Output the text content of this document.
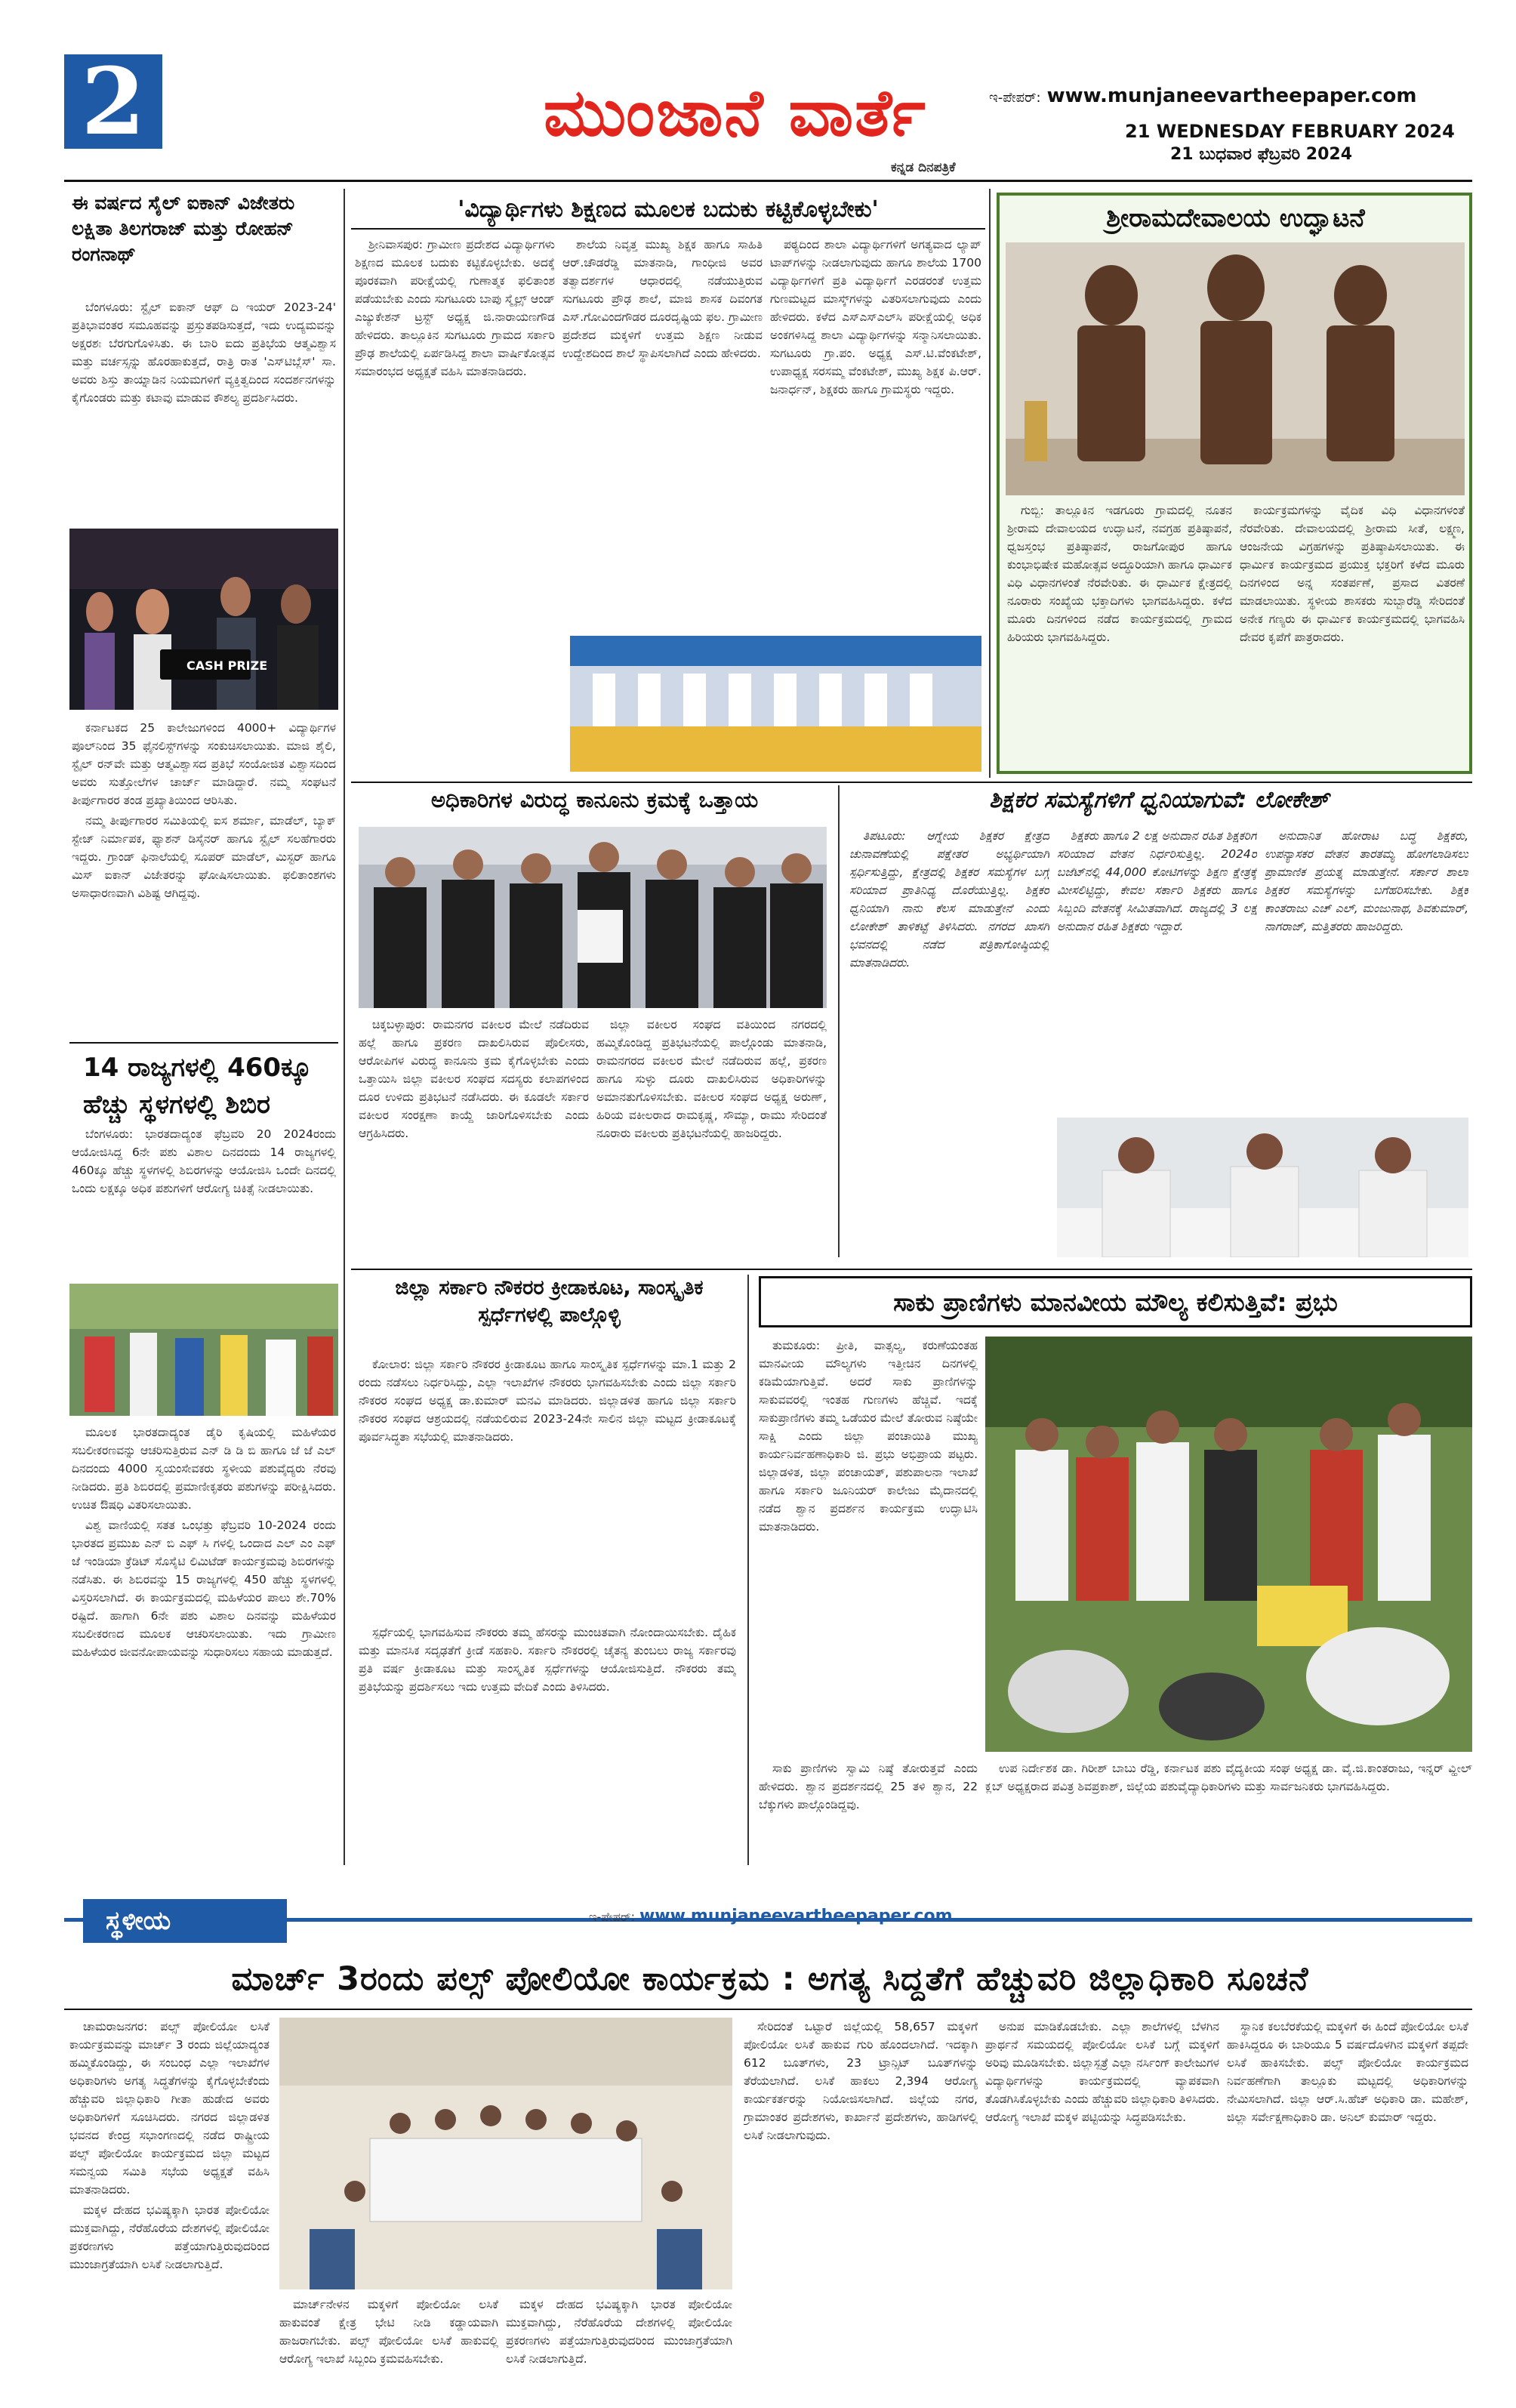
2	ಮುಂಜಾನೆ ವಾರ್ತೆ
ಕನ್ನಡ ದಿನಪತ್ರಿಕೆ
ಇ-ಪೇಪರ್: www.munjaneevartheepaper.com
21 WEDNESDAY FEBRUARY 2024
21 ಬುಧವಾರ ಫೆಬ್ರವರಿ 2024
ಈ ವರ್ಷದ ಸೈಲ್ ಐಕಾನ್ ವಿಜೇತರು ಲಕ್ಷಿತಾ ತಿಲಗರಾಜ್ ಮತ್ತು ರೋಹನ್ ರಂಗನಾಥ್

ಬೆಂಗಳೂರು: ಸ್ಟೈಲ್ ಐಕಾನ್ ಆಫ್ ದಿ ಇಯರ್ 2023-24' ಪ್ರತಿಭಾವಂತರ ಸಮೂಹವನ್ನು ಪ್ರಸ್ತುತಪಡಿಸುತ್ತದೆ, ಇದು ಉದ್ಯಮವನ್ನು ಅಕ್ಷರಶಃ ಬೆರಗುಗೊಳಿಸಿತು. ಈ ಬಾರಿ ಐದು ಪ್ರತಿಭೆಯ ಆತ್ಮವಿಶ್ವಾಸ ಮತ್ತು ವರ್ಚಸ್ಸನ್ನು ಹೊರಹಾಕುತ್ತದೆ, ರಾತ್ರಿ ರಾತ 'ಎಸ್‌ಟಿಬ್ಲೆಸ್' ಸಾ. ಅವರು ಶಿಸ್ತು ತಾಯ್ನಾಡಿನ ನಿಯಮಗಳಿಗೆ ವ್ಯಕ್ತಿತ್ವದಿಂದ ಸಂದರ್ಶನಗಳನ್ನು ಕೈಗೊಂಡರು ಮತ್ತು ಕಟಾವು ಮಾಡುವ ಕೌಶಲ್ಯ ಪ್ರದರ್ಶಿಸಿದರು.

CASH PRIZE

ಕರ್ನಾಟಕದ 25 ಕಾಲೇಜುಗಳಿಂದ 4000+ ವಿದ್ಯಾರ್ಥಿಗಳ ಪೂಲ್‌ನಿಂದ 35 ಫೈನಲಿಸ್ಟ್‌ಗಳನ್ನು ಸಂಕುಚಿಸಲಾಯಿತು. ಮಾಜಿ ಶೈಲಿ, ಸ್ಟೈಲ್ ರನ್‌ವೇ ಮತ್ತು ಆತ್ಮವಿಶ್ವಾಸದ ಪ್ರತಿಭೆ ಸಂಯೋಜಿತ ವಿಶ್ವಾಸದಿಂದ ಅವರು ಸುತ್ತೋಲೆಗಳ ಚಾರ್ಜ್ ಮಾಡಿದ್ದಾರೆ. ನಮ್ಮ ಸಂಘಟನೆ ತೀರ್ಪುಗಾರರ ತಂಡ ಪ್ರಖ್ಯಾತಿಯಿಂದ ಆರಿಸಿತು.

ನಮ್ಮ ತೀರ್ಪುಗಾರರ ಸಮಿತಿಯಲ್ಲಿ ಐಸ ಶರ್ಮಾ, ಮಾಡೆಲ್, ಬ್ಯಾಕ್ ಸ್ಟೇಜ್ ನಿರ್ಮಾಪಕ, ಫ್ಯಾಶನ್ ಡಿಸೈನರ್ ಹಾಗೂ ಸ್ಟೈಲ್ ಸಲಹೆಗಾರರು ಇದ್ದರು. ಗ್ರಾಂಡ್ ಫಿನಾಲೆಯಲ್ಲಿ ಸೂಪರ್ ಮಾಡೆಲ್, ಮಿಸ್ಟರ್ ಹಾಗೂ ಮಿಸ್ ಐಕಾನ್ ವಿಜೇತರನ್ನು ಘೋಷಿಸಲಾಯಿತು. ಫಲಿತಾಂಶಗಳು ಅಸಾಧಾರಣವಾಗಿ ವಿಶಿಷ್ಟ ಆಗಿದ್ದವು.

14 ರಾಜ್ಯಗಳಲ್ಲಿ 460ಕ್ಕೂ ಹೆಚ್ಚು ಸ್ಥಳಗಳಲ್ಲಿ ಶಿಬಿರ

ಬೆಂಗಳೂರು: ಭಾರತದಾದ್ಯಂತ ಫೆಬ್ರವರಿ 20 2024ರಂದು ಆಯೋಜಿಸಿದ್ದ 6ನೇ ಪಶು ವಿಶಾಲ ದಿನದಂದು 14 ರಾಜ್ಯಗಳಲ್ಲಿ 460ಕ್ಕೂ ಹೆಚ್ಚು ಸ್ಥಳಗಳಲ್ಲಿ ಶಿಬಿರಗಳನ್ನು ಆಯೋಜಿಸಿ ಒಂದೇ ದಿನದಲ್ಲಿ ಒಂದು ಲಕ್ಷಕ್ಕೂ ಅಧಿಕ ಪಶುಗಳಿಗೆ ಆರೋಗ್ಯ ಚಿಕಿತ್ಸೆ ನೀಡಲಾಯಿತು.

ಮೂಲಕ ಭಾರತದಾದ್ಯಂತ ಡೈರಿ ಕೃಷಿಯಲ್ಲಿ ಮಹಿಳೆಯರ ಸಬಲೀಕರಣವನ್ನು ಆಚರಿಸುತ್ತಿರುವ ಎನ್ ಡಿ ಡಿ ಬಿ ಹಾಗೂ ಜೆ ಜೆ ಎಲ್ ದಿನದಂದು 4000 ಸ್ವಯಂಸೇವಕರು ಸ್ಥಳೀಯ ಪಶುವೈದ್ಯರು ನೆರವು ನೀಡಿದರು. ಪ್ರತಿ ಶಿಬಿರದಲ್ಲಿ ಪ್ರಮಾಣೀಕೃತರು ಪಶುಗಳನ್ನು ಪರೀಕ್ಷಿಸಿದರು. ಉಚಿತ ಔಷಧಿ ವಿತರಿಸಲಾಯಿತು.

ವಿಶ್ವ ವಾಣಿಯಲ್ಲಿ ಸತತ ಒಂಭತ್ತು ಫೆಬ್ರವರಿ 10-2024 ರಂದು ಭಾರತದ ಪ್ರಮುಖ ಎನ್ ಬಿ ಎಫ್ ಸಿ ಗಳಲ್ಲಿ ಒಂದಾದ ಎಲ್ ಎಂ ಎಫ್ ಜೆ ಇಂಡಿಯಾ ಕ್ರೆಡಿಟ್ ಸೊಸೈಟಿ ಲಿಮಿಟೆಡ್ ಕಾರ್ಯಕ್ರಮವು ಶಿಬಿರಗಳನ್ನು ನಡೆಸಿತು. ಈ ಶಿಬಿರವನ್ನು 15 ರಾಜ್ಯಗಳಲ್ಲಿ 450 ಹೆಚ್ಚು ಸ್ಥಳಗಳಲ್ಲಿ ವಿಸ್ತರಿಸಲಾಗಿದೆ. ಈ ಕಾರ್ಯಕ್ರಮದಲ್ಲಿ ಮಹಿಳೆಯರ ಪಾಲು ಶೇ.70% ರಷ್ಟಿದೆ. ಹಾಗಾಗಿ 6ನೇ ಪಶು ವಿಶಾಲ ದಿನವನ್ನು ಮಹಿಳೆಯರ ಸಬಲೀಕರಣದ ಮೂಲಕ ಆಚರಿಸಲಾಯಿತು. ಇದು ಗ್ರಾಮೀಣ ಮಹಿಳೆಯರ ಜೀವನೋಪಾಯವನ್ನು ಸುಧಾರಿಸಲು ಸಹಾಯ ಮಾಡುತ್ತದೆ.

'ವಿದ್ಯಾರ್ಥಿಗಳು ಶಿಕ್ಷಣದ ಮೂಲಕ ಬದುಕು ಕಟ್ಟಿಕೊಳ್ಳಬೇಕು'

ಶ್ರೀನಿವಾಸಪುರ: ಗ್ರಾಮೀಣ ಪ್ರದೇಶದ ವಿದ್ಯಾರ್ಥಿಗಳು ಶಿಕ್ಷಣದ ಮೂಲಕ ಬದುಕು ಕಟ್ಟಿಕೊಳ್ಳಬೇಕು. ಅದಕ್ಕೆ ಪೂರಕವಾಗಿ ಪರೀಕ್ಷೆಯಲ್ಲಿ ಗುಣಾತ್ಮಕ ಫಲಿತಾಂಶ ಪಡೆಯಬೇಕು ಎಂದು ಸುಗಟೂರು ಬಾಪು ಸ್ಮೈಲ್ಸ್ ಆಂಡ್ ಎಜ್ಯುಕೇಶನ್ ಟ್ರಸ್ಟ್ ಅಧ್ಯಕ್ಷ ಜಿ.ನಾರಾಯಣಗೌಡ ಹೇಳಿದರು. ತಾಲ್ಲೂಕಿನ ಸುಗಟೂರು ಗ್ರಾಮದ ಸರ್ಕಾರಿ ಪ್ರೌಢ ಶಾಲೆಯಲ್ಲಿ ಏರ್ಪಡಿಸಿದ್ದ ಶಾಲಾ ವಾರ್ಷಿಕೋತ್ಸವ ಸಮಾರಂಭದ ಅಧ್ಯಕ್ಷತೆ ವಹಿಸಿ ಮಾತನಾಡಿದರು.

ಶಾಲೆಯ ನಿವೃತ್ತ ಮುಖ್ಯ ಶಿಕ್ಷಕ ಹಾಗೂ ಸಾಹಿತಿ ಆರ್.ಚೌಡರೆಡ್ಡಿ ಮಾತನಾಡಿ, ಗಾಂಧೀಜಿ ಅವರ ತತ್ವಾದರ್ಶಗಳ ಆಧಾರದಲ್ಲಿ ನಡೆಯುತ್ತಿರುವ ಸುಗಟೂರು ಪ್ರೌಢ ಶಾಲೆ, ಮಾಜಿ ಶಾಸಕ ದಿವಂಗತ ಎಸ್.ಗೋವಿಂದಗೌಡರ ದೂರದೃಷ್ಟಿಯ ಫಲ. ಗ್ರಾಮೀಣ ಪ್ರದೇಶದ ಮಕ್ಕಳಿಗೆ ಉತ್ತಮ ಶಿಕ್ಷಣ ನೀಡುವ ಉದ್ದೇಶದಿಂದ ಶಾಲೆ ಸ್ಥಾಪಿಸಲಾಗಿದೆ ಎಂದು ಹೇಳಿದರು.

ಪಠ್ಯದಿಂದ ಶಾಲಾ ವಿದ್ಯಾರ್ಥಿಗಳಿಗೆ ಅಗತ್ಯವಾದ ಲ್ಯಾಪ್ ಟಾಪ್‌ಗಳನ್ನು ನೀಡಲಾಗುವುದು ಹಾಗೂ ಶಾಲೆಯ 1700 ವಿದ್ಯಾರ್ಥಿಗಳಿಗೆ ಪ್ರತಿ ವಿದ್ಯಾರ್ಥಿಗೆ ಎರಡರಂತೆ ಉತ್ತಮ ಗುಣಮಟ್ಟದ ಮಾಸ್ಕ್‌ಗಳನ್ನು ವಿತರಿಸಲಾಗುವುದು ಎಂದು ಹೇಳಿದರು. ಕಳೆದ ಎಸ್ಎಸ್ಎಲ್‌ಸಿ ಪರೀಕ್ಷೆಯಲ್ಲಿ ಅಧಿಕ ಅಂಕಗಳಿಸಿದ್ದ ಶಾಲಾ ವಿದ್ಯಾರ್ಥಿಗಳನ್ನು ಸನ್ಮಾನಿಸಲಾಯಿತು. ಸುಗಟೂರು ಗ್ರಾ.ಪಂ. ಅಧ್ಯಕ್ಷ ಎಸ್.ಟಿ.ವೆಂಕಟೇಶ್, ಉಪಾಧ್ಯಕ್ಷ ಸರಸಮ್ಮ ವೆಂಕಟೇಶ್, ಮುಖ್ಯ ಶಿಕ್ಷಕ ಪಿ.ಆರ್. ಜನಾರ್ಧನ್, ಶಿಕ್ಷಕರು ಹಾಗೂ ಗ್ರಾಮಸ್ಥರು ಇದ್ದರು.

ಶ್ರೀರಾಮದೇವಾಲಯ ಉದ್ಘಾಟನೆ

ಗುಬ್ಬಿ: ತಾಲ್ಲೂಕಿನ ಇಡಗೂರು ಗ್ರಾಮದಲ್ಲಿ ನೂತನ ಶ್ರೀರಾಮ ದೇವಾಲಯದ ಉದ್ಘಾಟನೆ, ನವಗ್ರಹ ಪ್ರತಿಷ್ಠಾಪನೆ, ಧ್ವಜಸ್ತಂಭ ಪ್ರತಿಷ್ಠಾಪನೆ, ರಾಜಗೋಪುರ ಹಾಗೂ ಕುಂಭಾಭಿಷೇಕ ಮಹೋತ್ಸವ ಅದ್ಧೂರಿಯಾಗಿ ಹಾಗೂ ಧಾರ್ಮಿಕ ವಿಧಿ ವಿಧಾನಗಳಂತೆ ನೆರವೇರಿತು. ಈ ಧಾರ್ಮಿಕ ಕ್ಷೇತ್ರದಲ್ಲಿ ನೂರಾರು ಸಂಖ್ಯೆಯ ಭಕ್ತಾದಿಗಳು ಭಾಗವಹಿಸಿದ್ದರು. ಕಳೆದ ಮೂರು ದಿನಗಳಿಂದ ನಡೆದ ಕಾರ್ಯಕ್ರಮದಲ್ಲಿ ಗ್ರಾಮದ ಹಿರಿಯರು ಭಾಗವಹಿಸಿದ್ದರು.

ಕಾರ್ಯಕ್ರಮಗಳನ್ನು ವೈದಿಕ ವಿಧಿ ವಿಧಾನಗಳಂತೆ ನೆರವೇರಿತು. ದೇವಾಲಯದಲ್ಲಿ ಶ್ರೀರಾಮ ಸೀತೆ, ಲಕ್ಷ್ಮಣ, ಆಂಜನೇಯ ವಿಗ್ರಹಗಳನ್ನು ಪ್ರತಿಷ್ಠಾಪಿಸಲಾಯಿತು. ಈ ಧಾರ್ಮಿಕ ಕಾರ್ಯಕ್ರಮದ ಪ್ರಯುಕ್ತ ಭಕ್ತರಿಗೆ ಕಳೆದ ಮೂರು ದಿನಗಳಿಂದ ಅನ್ನ ಸಂತರ್ಪಣೆ, ಪ್ರಸಾದ ವಿತರಣೆ ಮಾಡಲಾಯಿತು. ಸ್ಥಳೀಯ ಶಾಸಕರು ಸುಬ್ಬಾರೆಡ್ಡಿ ಸೇರಿದಂತೆ ಅನೇಕ ಗಣ್ಯರು ಈ ಧಾರ್ಮಿಕ ಕಾರ್ಯಕ್ರಮದಲ್ಲಿ ಭಾಗವಹಿಸಿ ದೇವರ ಕೃಪೆಗೆ ಪಾತ್ರರಾದರು.

ಅಧಿಕಾರಿಗಳ ವಿರುದ್ಧ ಕಾನೂನು ಕ್ರಮಕ್ಕೆ ಒತ್ತಾಯ

ಚಿಕ್ಕಬಳ್ಳಾಪುರ: ರಾಮನಗರ ವಕೀಲರ ಮೇಲೆ ನಡೆದಿರುವ ಹಲ್ಲೆ ಹಾಗೂ ಪ್ರಕರಣ ದಾಖಲಿಸಿರುವ ಪೊಲೀಸರು, ಆರೋಪಿಗಳ ವಿರುದ್ಧ ಕಾನೂನು ಕ್ರಮ ಕೈಗೊಳ್ಳಬೇಕು ಎಂದು ಒತ್ತಾಯಿಸಿ ಜಿಲ್ಲಾ ವಕೀಲರ ಸಂಘದ ಸದಸ್ಯರು ಕಲಾಪಗಳಿಂದ ದೂರ ಉಳಿದು ಪ್ರತಿಭಟನೆ ನಡೆಸಿದರು. ಈ ಕೂಡಲೇ ಸರ್ಕಾರ ವಕೀಲರ ಸಂರಕ್ಷಣಾ ಕಾಯ್ದೆ ಜಾರಿಗೊಳಿಸಬೇಕು ಎಂದು ಆಗ್ರಹಿಸಿದರು.

ಜಿಲ್ಲಾ ವಕೀಲರ ಸಂಘದ ವತಿಯಿಂದ ನಗರದಲ್ಲಿ ಹಮ್ಮಿಕೊಂಡಿದ್ದ ಪ್ರತಿಭಟನೆಯಲ್ಲಿ ಪಾಲ್ಗೊಂಡು ಮಾತನಾಡಿ, ರಾಮನಗರದ ವಕೀಲರ ಮೇಲೆ ನಡೆದಿರುವ ಹಲ್ಲೆ, ಪ್ರಕರಣ ಹಾಗೂ ಸುಳ್ಳು ದೂರು ದಾಖಲಿಸಿರುವ ಅಧಿಕಾರಿಗಳನ್ನು ಅಮಾನತುಗೊಳಿಸಬೇಕು. ವಕೀಲರ ಸಂಘದ ಅಧ್ಯಕ್ಷ ಅರುಣ್, ಹಿರಿಯ ವಕೀಲರಾದ ರಾಮಕೃಷ್ಣ, ಸೌಮ್ಯಾ, ರಾಮು ಸೇರಿದಂತೆ ನೂರಾರು ವಕೀಲರು ಪ್ರತಿಭಟನೆಯಲ್ಲಿ ಹಾಜರಿದ್ದರು.

ಶಿಕ್ಷಕರ ಸಮಸ್ಯೆಗಳಿಗೆ ಧ್ವನಿಯಾಗುವೆ: ಲೋಕೇಶ್

ತಿಪಟೂರು: ಆಗ್ನೇಯ ಶಿಕ್ಷಕರ ಕ್ಷೇತ್ರದ ಚುನಾವಣೆಯಲ್ಲಿ ಪಕ್ಷೇತರ ಅಭ್ಯರ್ಥಿಯಾಗಿ ಸ್ಪರ್ಧಿಸುತ್ತಿದ್ದು, ಕ್ಷೇತ್ರದಲ್ಲಿ ಶಿಕ್ಷಕರ ಸಮಸ್ಯೆಗಳ ಬಗ್ಗೆ ಸರಿಯಾದ ಪ್ರಾತಿನಿಧ್ಯ ದೊರೆಯುತ್ತಿಲ್ಲ. ಶಿಕ್ಷಕರ ಧ್ವನಿಯಾಗಿ ನಾನು ಕೆಲಸ ಮಾಡುತ್ತೇನೆ ಎಂದು ಲೋಕೇಶ್ ತಾಳಿಕಟ್ಟೆ ತಿಳಿಸಿದರು. ನಗರದ ಖಾಸಗಿ ಭವನದಲ್ಲಿ ನಡೆದ ಪತ್ರಿಕಾಗೋಷ್ಠಿಯಲ್ಲಿ ಮಾತನಾಡಿದರು.

ಶಿಕ್ಷಕರು ಹಾಗೂ 2 ಲಕ್ಷ ಅನುದಾನ ರಹಿತ ಶಿಕ್ಷಕರಿಗೆ ಸರಿಯಾದ ವೇತನ ನಿರ್ಧರಿಸುತ್ತಿಲ್ಲ. 2024ರ ಬಜೆಟ್‌ನಲ್ಲಿ 44,000 ಕೋಟಿಗಳನ್ನು ಶಿಕ್ಷಣ ಕ್ಷೇತ್ರಕ್ಕೆ ಮೀಸಲಿಟ್ಟಿದ್ದು, ಕೇವಲ ಸರ್ಕಾರಿ ಶಿಕ್ಷಕರು ಹಾಗೂ ಸಿಬ್ಬಂದಿ ವೇತನಕ್ಕೆ ಸೀಮಿತವಾಗಿದೆ. ರಾಜ್ಯದಲ್ಲಿ 3 ಲಕ್ಷ ಅನುದಾನ ರಹಿತ ಶಿಕ್ಷಕರು ಇದ್ದಾರೆ.

ಅನುದಾನಿತ ಹೋರಾಟ ಬದ್ಧ ಶಿಕ್ಷಕರು, ಉಪನ್ಯಾಸಕರ ವೇತನ ತಾರತಮ್ಯ ಹೋಗಲಾಡಿಸಲು ಪ್ರಾಮಾಣಿಕ ಪ್ರಯತ್ನ ಮಾಡುತ್ತೇನೆ. ಸರ್ಕಾರ ಶಾಲಾ ಶಿಕ್ಷಕರ ಸಮಸ್ಯೆಗಳನ್ನು ಬಗೆಹರಿಸಬೇಕು. ಶಿಕ್ಷಕ ಕಾಂತರಾಜು ಎಚ್ ಎಲ್, ಮಂಜುನಾಥ, ಶಿವಕುಮಾರ್, ನಾಗರಾಜ್, ಮತ್ತಿತರರು ಹಾಜರಿದ್ದರು.

ಜಿಲ್ಲಾ ಸರ್ಕಾರಿ ನೌಕರರ ಕ್ರೀಡಾಕೂಟ, ಸಾಂಸ್ಕೃತಿಕ ಸ್ಪರ್ಧೆಗಳಲ್ಲಿ ಪಾಲ್ಗೊಳ್ಳಿ

ಕೋಲಾರ: ಜಿಲ್ಲಾ ಸರ್ಕಾರಿ ನೌಕರರ ಕ್ರೀಡಾಕೂಟ ಹಾಗೂ ಸಾಂಸ್ಕೃತಿಕ ಸ್ಪರ್ಧೆಗಳನ್ನು ಮಾ.1 ಮತ್ತು 2 ರಂದು ನಡೆಸಲು ನಿರ್ಧರಿಸಿದ್ದು, ಎಲ್ಲಾ ಇಲಾಖೆಗಳ ನೌಕರರು ಭಾಗವಹಿಸಬೇಕು ಎಂದು ಜಿಲ್ಲಾ ಸರ್ಕಾರಿ ನೌಕರರ ಸಂಘದ ಅಧ್ಯಕ್ಷ ಡಾ.ಕುಮಾರ್ ಮನವಿ ಮಾಡಿದರು. ಜಿಲ್ಲಾಡಳಿತ ಹಾಗೂ ಜಿಲ್ಲಾ ಸರ್ಕಾರಿ ನೌಕರರ ಸಂಘದ ಆಶ್ರಯದಲ್ಲಿ ನಡೆಯಲಿರುವ 2023-24ನೇ ಸಾಲಿನ ಜಿಲ್ಲಾ ಮಟ್ಟದ ಕ್ರೀಡಾಕೂಟಕ್ಕೆ ಪೂರ್ವಸಿದ್ಧತಾ ಸಭೆಯಲ್ಲಿ ಮಾತನಾಡಿದರು.

ಸ್ಪರ್ಧೆಯಲ್ಲಿ ಭಾಗವಹಿಸುವ ನೌಕರರು ತಮ್ಮ ಹೆಸರನ್ನು ಮುಂಚಿತವಾಗಿ ನೋಂದಾಯಿಸಬೇಕು. ದೈಹಿಕ ಮತ್ತು ಮಾನಸಿಕ ಸದೃಢತೆಗೆ ಕ್ರೀಡೆ ಸಹಕಾರಿ. ಸರ್ಕಾರಿ ನೌಕರರಲ್ಲಿ ಚೈತನ್ಯ ತುಂಬಲು ರಾಜ್ಯ ಸರ್ಕಾರವು ಪ್ರತಿ ವರ್ಷ ಕ್ರೀಡಾಕೂಟ ಮತ್ತು ಸಾಂಸ್ಕೃತಿಕ ಸ್ಪರ್ಧೆಗಳನ್ನು ಆಯೋಜಿಸುತ್ತಿದೆ. ನೌಕರರು ತಮ್ಮ ಪ್ರತಿಭೆಯನ್ನು ಪ್ರದರ್ಶಿಸಲು ಇದು ಉತ್ತಮ ವೇದಿಕೆ ಎಂದು ತಿಳಿಸಿದರು.

ಸಾಕು ಪ್ರಾಣಿಗಳು ಮಾನವೀಯ ಮೌಲ್ಯ ಕಲಿಸುತ್ತಿವೆ: ಪ್ರಭು

ತುಮಕೂರು: ಪ್ರೀತಿ, ವಾತ್ಸಲ್ಯ, ಕರುಣೆಯಂತಹ ಮಾನವೀಯ ಮೌಲ್ಯಗಳು ಇತ್ತೀಚಿನ ದಿನಗಳಲ್ಲಿ ಕಡಿಮೆಯಾಗುತ್ತಿವೆ. ಅದರೆ ಸಾಕು ಪ್ರಾಣಿಗಳನ್ನು ಸಾಕುವವರಲ್ಲಿ ಇಂತಹ ಗುಣಗಳು ಹೆಚ್ಚಿವೆ. ಇದಕ್ಕೆ ಸಾಕುಪ್ರಾಣಿಗಳು ತಮ್ಮ ಒಡೆಯರ ಮೇಲೆ ತೋರುವ ನಿಷ್ಠೆಯೇ ಸಾಕ್ಷಿ ಎಂದು ಜಿಲ್ಲಾ ಪಂಚಾಯಿತಿ ಮುಖ್ಯ ಕಾರ್ಯನಿರ್ವಹಣಾಧಿಕಾರಿ ಜಿ. ಪ್ರಭು ಅಭಿಪ್ರಾಯ ಪಟ್ಟರು. ಜಿಲ್ಲಾಡಳಿತ, ಜಿಲ್ಲಾ ಪಂಚಾಯತ್, ಪಶುಪಾಲನಾ ಇಲಾಖೆ ಹಾಗೂ ಸರ್ಕಾರಿ ಜೂನಿಯರ್ ಕಾಲೇಜು ಮೈದಾನದಲ್ಲಿ ನಡೆದ ಶ್ವಾನ ಪ್ರದರ್ಶನ ಕಾರ್ಯಕ್ರಮ ಉದ್ಘಾಟಿಸಿ ಮಾತನಾಡಿದರು.

ಸಾಕು ಪ್ರಾಣಿಗಳು ಸ್ವಾಮಿ ನಿಷ್ಠೆ ತೋರುತ್ತವೆ ಎಂದು ಹೇಳಿದರು. ಶ್ವಾನ ಪ್ರದರ್ಶನದಲ್ಲಿ 25 ತಳಿ ಶ್ವಾನ, 22 ಬೆಕ್ಕುಗಳು ಪಾಲ್ಗೊಂಡಿದ್ದವು.

ಉಪ ನಿರ್ದೇಶಕ ಡಾ. ಗಿರೀಶ್ ಬಾಬು ರೆಡ್ಡಿ, ಕರ್ನಾಟಕ ಪಶು ವೈದ್ಯಕೀಯ ಸಂಘ ಅಧ್ಯಕ್ಷ ಡಾ. ವೈ.ಜಿ.ಕಾಂತರಾಜು, ಇನ್ನರ್ ವ್ಹೀಲ್ ಕ್ಲಬ್ ಅಧ್ಯಕ್ಷರಾದ ಪವಿತ್ರ ಶಿವಪ್ರಕಾಶ್, ಜಿಲ್ಲೆಯ ಪಶುವೈದ್ಯಾಧಿಕಾರಿಗಳು ಮತ್ತು ಸಾರ್ವಜನಿಕರು ಭಾಗವಹಿಸಿದ್ದರು.

ಸ್ಥಳೀಯ	ಇ-ಪೇಪರ್: www.munjaneevartheepaper.com
ಮಾರ್ಚ್ 3ರಂದು ಪಲ್ಸ್ ಪೋಲಿಯೋ ಕಾರ್ಯಕ್ರಮ : ಅಗತ್ಯ ಸಿದ್ದತೆಗೆ ಹೆಚ್ಚುವರಿ ಜಿಲ್ಲಾಧಿಕಾರಿ ಸೂಚನೆ

ಚಾಮರಾಜನಗರ: ಪಲ್ಸ್ ಪೋಲಿಯೋ ಲಸಿಕೆ ಕಾರ್ಯಕ್ರಮವನ್ನು ಮಾರ್ಚ್ 3 ರಂದು ಜಿಲ್ಲೆಯಾದ್ಯಂತ ಹಮ್ಮಿಕೊಂಡಿದ್ದು, ಈ ಸಂಬಂಧ ಎಲ್ಲಾ ಇಲಾಖೆಗಳ ಅಧಿಕಾರಿಗಳು ಅಗತ್ಯ ಸಿದ್ಧತೆಗಳನ್ನು ಕೈಗೊಳ್ಳಬೇಕೆಂದು ಹೆಚ್ಚುವರಿ ಜಿಲ್ಲಾಧಿಕಾರಿ ಗೀತಾ ಹುಡೇದ ಅವರು ಅಧಿಕಾರಿಗಳಿಗೆ ಸೂಚಿಸಿದರು. ನಗರದ ಜಿಲ್ಲಾಡಳಿತ ಭವನದ ಕೇಂದ್ರ ಸಭಾಂಗಣದಲ್ಲಿ ನಡೆದ ರಾಷ್ಟ್ರೀಯ ಪಲ್ಸ್ ಪೋಲಿಯೋ ಕಾರ್ಯಕ್ರಮದ ಜಿಲ್ಲಾ ಮಟ್ಟದ ಸಮನ್ವಯ ಸಮಿತಿ ಸಭೆಯ ಅಧ್ಯಕ್ಷತೆ ವಹಿಸಿ ಮಾತನಾಡಿದರು.

ಮಕ್ಕಳ ದೇಹದ ಭವಿಷ್ಯಕ್ಕಾಗಿ ಭಾರತ ಪೋಲಿಯೋ ಮುಕ್ತವಾಗಿದ್ದು, ನೆರೆಹೊರೆಯ ದೇಶಗಳಲ್ಲಿ ಪೋಲಿಯೋ ಪ್ರಕರಣಗಳು ಪತ್ತೆಯಾಗುತ್ತಿರುವುದರಿಂದ ಮುಂಜಾಗ್ರತೆಯಾಗಿ ಲಸಿಕೆ ನೀಡಲಾಗುತ್ತಿದೆ.

ಮಾರ್ಚ್‌ನೇಳನ ಮಕ್ಕಳಿಗೆ ಪೋಲಿಯೋ ಲಸಿಕೆ ಹಾಕುವಂತೆ ಕ್ಷೇತ್ರ ಭೇಟಿ ನೀಡಿ ಕಡ್ಡಾಯವಾಗಿ ಹಾಜರಾಗಬೇಕು. ಪಲ್ಸ್ ಪೋಲಿಯೋ ಲಸಿಕೆ ಹಾಕುವಲ್ಲಿ ಆರೋಗ್ಯ ಇಲಾಖೆ ಸಿಬ್ಬಂದಿ ಕ್ರಮವಹಿಸಬೇಕು.

ಮಕ್ಕಳ ದೇಹದ ಭವಿಷ್ಯಕ್ಕಾಗಿ ಭಾರತ ಪೋಲಿಯೋ ಮುಕ್ತವಾಗಿದ್ದು, ನೆರೆಹೊರೆಯ ದೇಶಗಳಲ್ಲಿ ಪೋಲಿಯೋ ಪ್ರಕರಣಗಳು ಪತ್ತೆಯಾಗುತ್ತಿರುವುದರಿಂದ ಮುಂಜಾಗ್ರತೆಯಾಗಿ ಲಸಿಕೆ ನೀಡಲಾಗುತ್ತಿದೆ.

ಸೇರಿದಂತೆ ಒಟ್ಟಾರೆ ಜಿಲ್ಲೆಯಲ್ಲಿ 58,657 ಮಕ್ಕಳಿಗೆ ಪೋಲಿಯೋ ಲಸಿಕೆ ಹಾಕುವ ಗುರಿ ಹೊಂದಲಾಗಿದೆ. ಇದಕ್ಕಾಗಿ 612 ಬೂತ್‌ಗಳು, 23 ಟ್ರಾನ್ಸಿಟ್ ಬೂತ್‌ಗಳನ್ನು ತೆರೆಯಲಾಗಿದೆ. ಲಸಿಕೆ ಹಾಕಲು 2,394 ಆರೋಗ್ಯ ಕಾರ್ಯಕರ್ತರನ್ನು ನಿಯೋಜಿಸಲಾಗಿದೆ. ಜಿಲ್ಲೆಯ ನಗರ, ಗ್ರಾಮಾಂತರ ಪ್ರದೇಶಗಳು, ಕಾರ್ಖಾನೆ ಪ್ರದೇಶಗಳು, ಹಾಡಿಗಳಲ್ಲಿ ಲಸಿಕೆ ನೀಡಲಾಗುವುದು.

ಅನುಪ ಮಾಡಿಕೊಡಬೇಕು. ಎಲ್ಲಾ ಶಾಲೆಗಳಲ್ಲಿ ಬೆಳಗಿನ ಪ್ರಾರ್ಥನೆ ಸಮಯದಲ್ಲಿ ಪೋಲಿಯೋ ಲಸಿಕೆ ಬಗ್ಗೆ ಮಕ್ಕಳಿಗೆ ಅರಿವು ಮೂಡಿಸಬೇಕು. ಜಿಲ್ಲಾಸ್ಪತ್ರೆ ಎಲ್ಲಾ ನರ್ಸಿಂಗ್ ಕಾಲೇಜುಗಳ ವಿದ್ಯಾರ್ಥಿಗಳನ್ನು ಕಾರ್ಯಕ್ರಮದಲ್ಲಿ ವ್ಯಾಪಕವಾಗಿ ತೊಡಗಿಸಿಕೊಳ್ಳಬೇಕು ಎಂದು ಹೆಚ್ಚುವರಿ ಜಿಲ್ಲಾಧಿಕಾರಿ ತಿಳಿಸಿದರು. ಆರೋಗ್ಯ ಇಲಾಖೆ ಮಕ್ಕಳ ಪಟ್ಟಿಯನ್ನು ಸಿದ್ಧಪಡಿಸಬೇಕು.

ಸ್ಥಾನಿಕ ಕಲಬೆರಕೆಯಲ್ಲಿ ಮಕ್ಕಳಿಗೆ ಈ ಹಿಂದೆ ಪೋಲಿಯೋ ಲಸಿಕೆ ಹಾಕಿಸಿದ್ದರೂ ಈ ಬಾರಿಯೂ 5 ವರ್ಷದೊಳಗಿನ ಮಕ್ಕಳಿಗೆ ತಪ್ಪದೇ ಲಸಿಕೆ ಹಾಕಿಸಬೇಕು. ಪಲ್ಸ್ ಪೋಲಿಯೋ ಕಾರ್ಯಕ್ರಮದ ನಿರ್ವಹಣೆಗಾಗಿ ತಾಲ್ಲೂಕು ಮಟ್ಟದಲ್ಲಿ ಅಧಿಕಾರಿಗಳನ್ನು ನೇಮಿಸಲಾಗಿದೆ. ಜಿಲ್ಲಾ ಆರ್.ಸಿ.ಹೆಚ್ ಅಧಿಕಾರಿ ಡಾ. ಮಹೇಶ್, ಜಿಲ್ಲಾ ಸರ್ವೇಕ್ಷಣಾಧಿಕಾರಿ ಡಾ. ಅನಿಲ್ ಕುಮಾರ್ ಇದ್ದರು.
